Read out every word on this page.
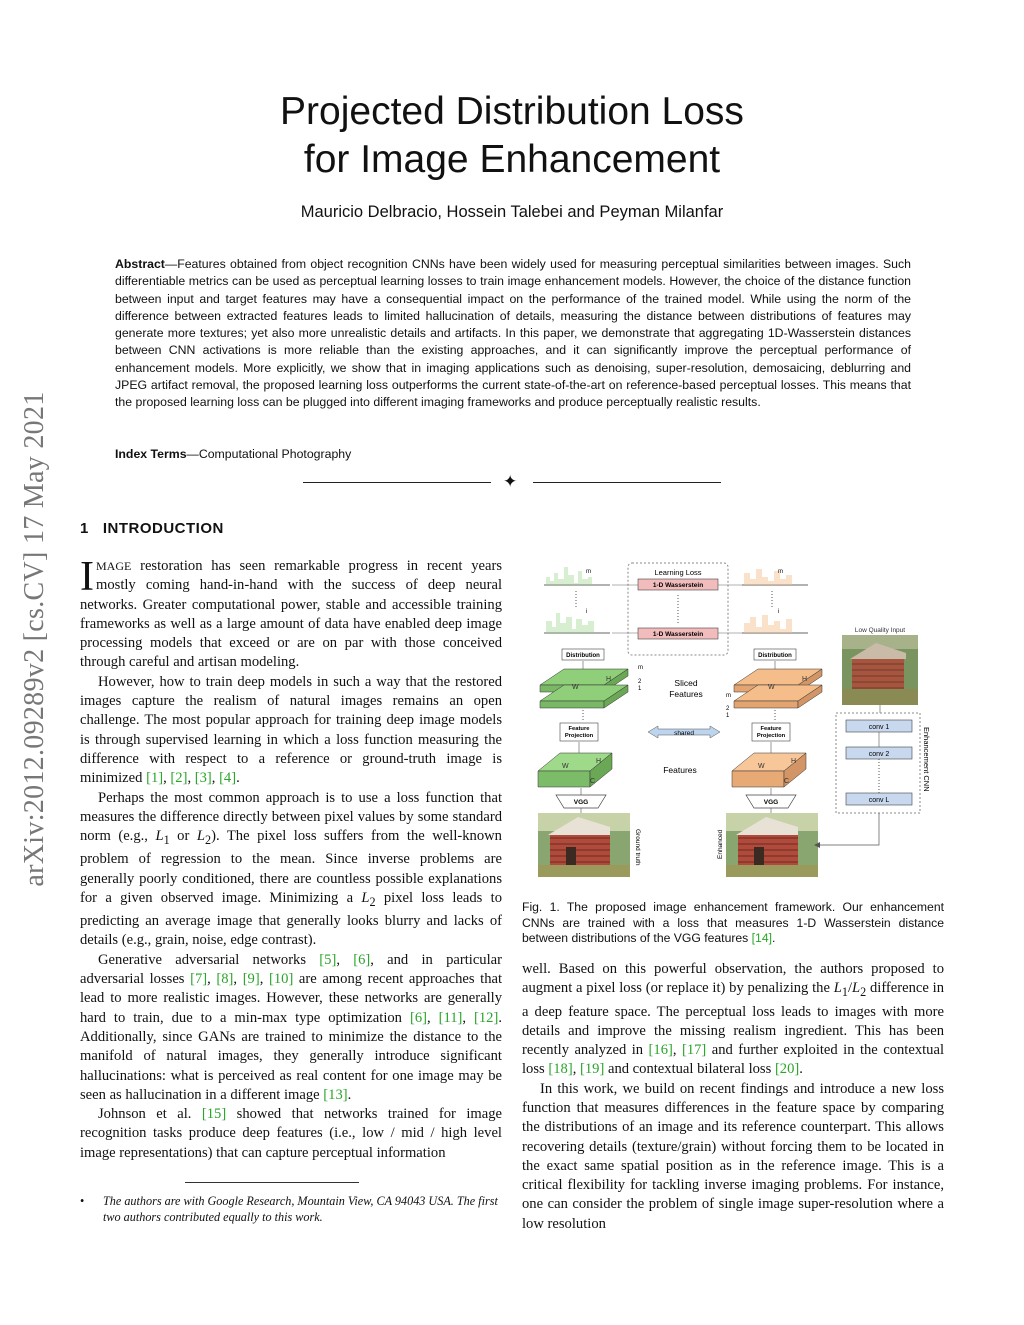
arXiv:2012.09289v2 [cs.CV] 17 May 2021
Projected Distribution Loss
for Image Enhancement
Mauricio Delbracio, Hossein Talebei and Peyman Milanfar
Abstract—Features obtained from object recognition CNNs have been widely used for measuring perceptual similarities between images. Such differentiable metrics can be used as perceptual learning losses to train image enhancement models. However, the choice of the distance function between input and target features may have a consequential impact on the performance of the trained model. While using the norm of the difference between extracted features leads to limited hallucination of details, measuring the distance between distributions of features may generate more textures; yet also more unrealistic details and artifacts. In this paper, we demonstrate that aggregating 1D-Wasserstein distances between CNN activations is more reliable than the existing approaches, and it can significantly improve the perceptual performance of enhancement models. More explicitly, we show that in imaging applications such as denoising, super-resolution, demosaicing, deblurring and JPEG artifact removal, the proposed learning loss outperforms the current state-of-the-art on reference-based perceptual losses. This means that the proposed learning loss can be plugged into different imaging frameworks and produce perceptually realistic results.
Index Terms—Computational Photography
✦
1 INTRODUCTION

IMAGE restoration has seen remarkable progress in recent years mostly coming hand-in-hand with the success of deep neural networks. Greater computational power, stable and accessible training frameworks as well as a large amount of data have enabled deep image processing models that exceed or are on par with those conceived through careful and artisan modeling.

However, how to train deep models in such a way that the restored images capture the realism of natural images remains an open challenge. The most popular approach for training deep image models is through supervised learning in which a loss function measuring the difference with respect to a reference or ground-truth image is minimized [1], [2], [3], [4].

Perhaps the most common approach is to use a loss function that measures the difference directly between pixel values by some standard norm (e.g., $L_1$ or $L_2$). The pixel loss suffers from the well-known problem of regression to the mean. Since inverse problems are generally poorly conditioned, there are countless possible explanations for a given observed image. Minimizing a $L_2$ pixel loss leads to predicting an average image that generally looks blurry and lacks of details (e.g., grain, noise, edge contrast).

Generative adversarial networks [5], [6], and in particular adversarial losses [7], [8], [9], [10] are among recent approaches that lead to more realistic images. However, these networks are generally hard to train, due to a min-max type optimization [6], [11], [12]. Additionally, since GANs are trained to minimize the distance to the manifold of natural images, they generally introduce significant hallucinations: what is perceived as real content for one image may be seen as hallucination in a different image [13].

Johnson et al. [15] showed that networks trained for image recognition tasks produce deep features (i.e., low / mid / high level image representations) that can capture perceptual information

• The authors are with Google Research, Mountain View, CA 94043 USA. The first two authors contributed equally to this work.
m
i
m
i
Learning Loss
1-D Wasserstein
1-D Wasserstein
Distribution	Distribution
W
H
m
2
1
Sliced
Features
W
H
m
2
1
Feature
Projection
Feature
Projection
shared
W
H
C
W
H
C
Features
VGG	VGG
Ground truth	Enhanced
Low Quality Input
conv 1
conv 2
conv L
Enhancement CNN
Fig. 1. The proposed image enhancement framework. Our enhancement CNNs are trained with a loss that measures 1-D Wasserstein distance between distributions of the VGG features [14].

well. Based on this powerful observation, the authors proposed to augment a pixel loss (or replace it) by penalizing the $L_1/L_2$ difference in a deep feature space. The perceptual loss leads to images with more details and improve the missing realism ingredient. This has been recently analyzed in [16], [17] and further exploited in the contextual loss [18], [19] and contextual bilateral loss [20].

In this work, we build on recent findings and introduce a new loss function that measures differences in the feature space by comparing the distributions of an image and its reference counterpart. This allows recovering details (texture/grain) without forcing them to be located in the exact same spatial position as in the reference image. This is a critical flexibility for tackling inverse imaging problems. For instance, one can consider the problem of single image super-resolution where a low resolution
